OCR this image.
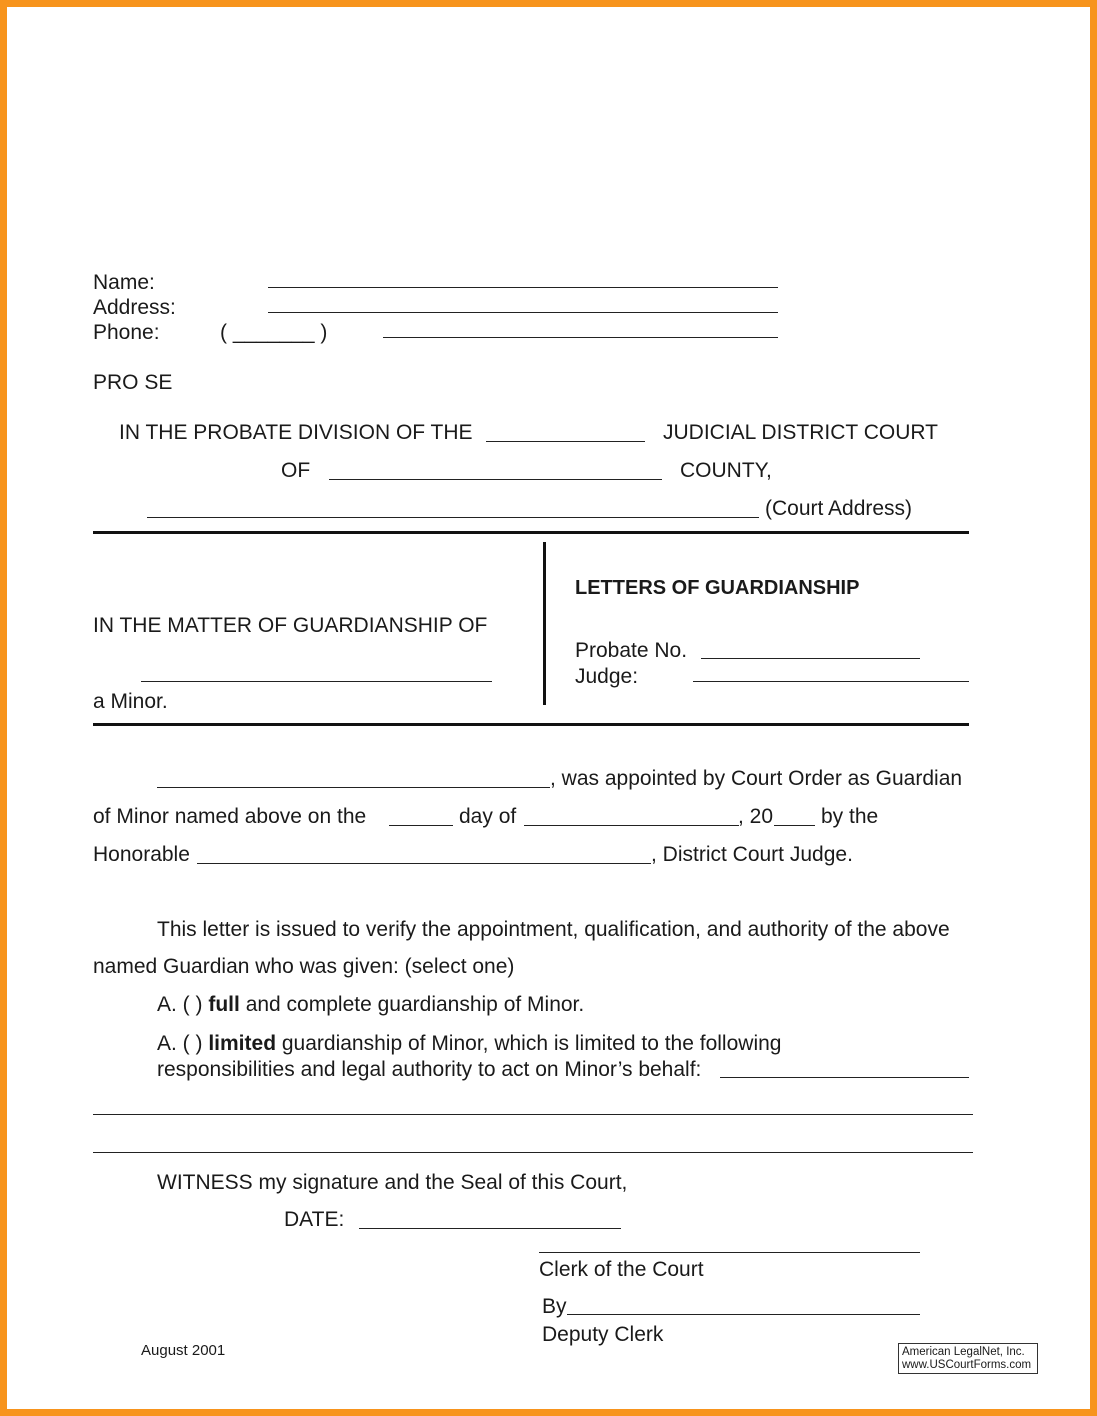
Name:
Address:
Phone:	( _______ )
PRO SE
IN THE PROBATE DIVISION OF THE	JUDICIAL DISTRICT COURT
OF	COUNTY,
(Court Address)
IN THE MATTER OF GUARDIANSHIP OF
a Minor.
LETTERS OF GUARDIANSHIP
Probate No.
Judge:
, was appointed by Court Order as Guardian
of Minor named above on the	day of	, 20 by the
Honorable	, District Court Judge.
This letter is issued to verify the appointment, qualification, and authority of the above
named Guardian who was given: (select one)
A. ( ) full and complete guardianship of Minor.
A. ( ) limited guardianship of Minor, which is limited to the following
responsibilities and legal authority to act on Minor’s behalf:
WITNESS my signature and the Seal of this Court,
DATE:
Clerk of the Court
By
Deputy Clerk
August 2001	American LegalNet, Inc.
www.USCourtForms.com
